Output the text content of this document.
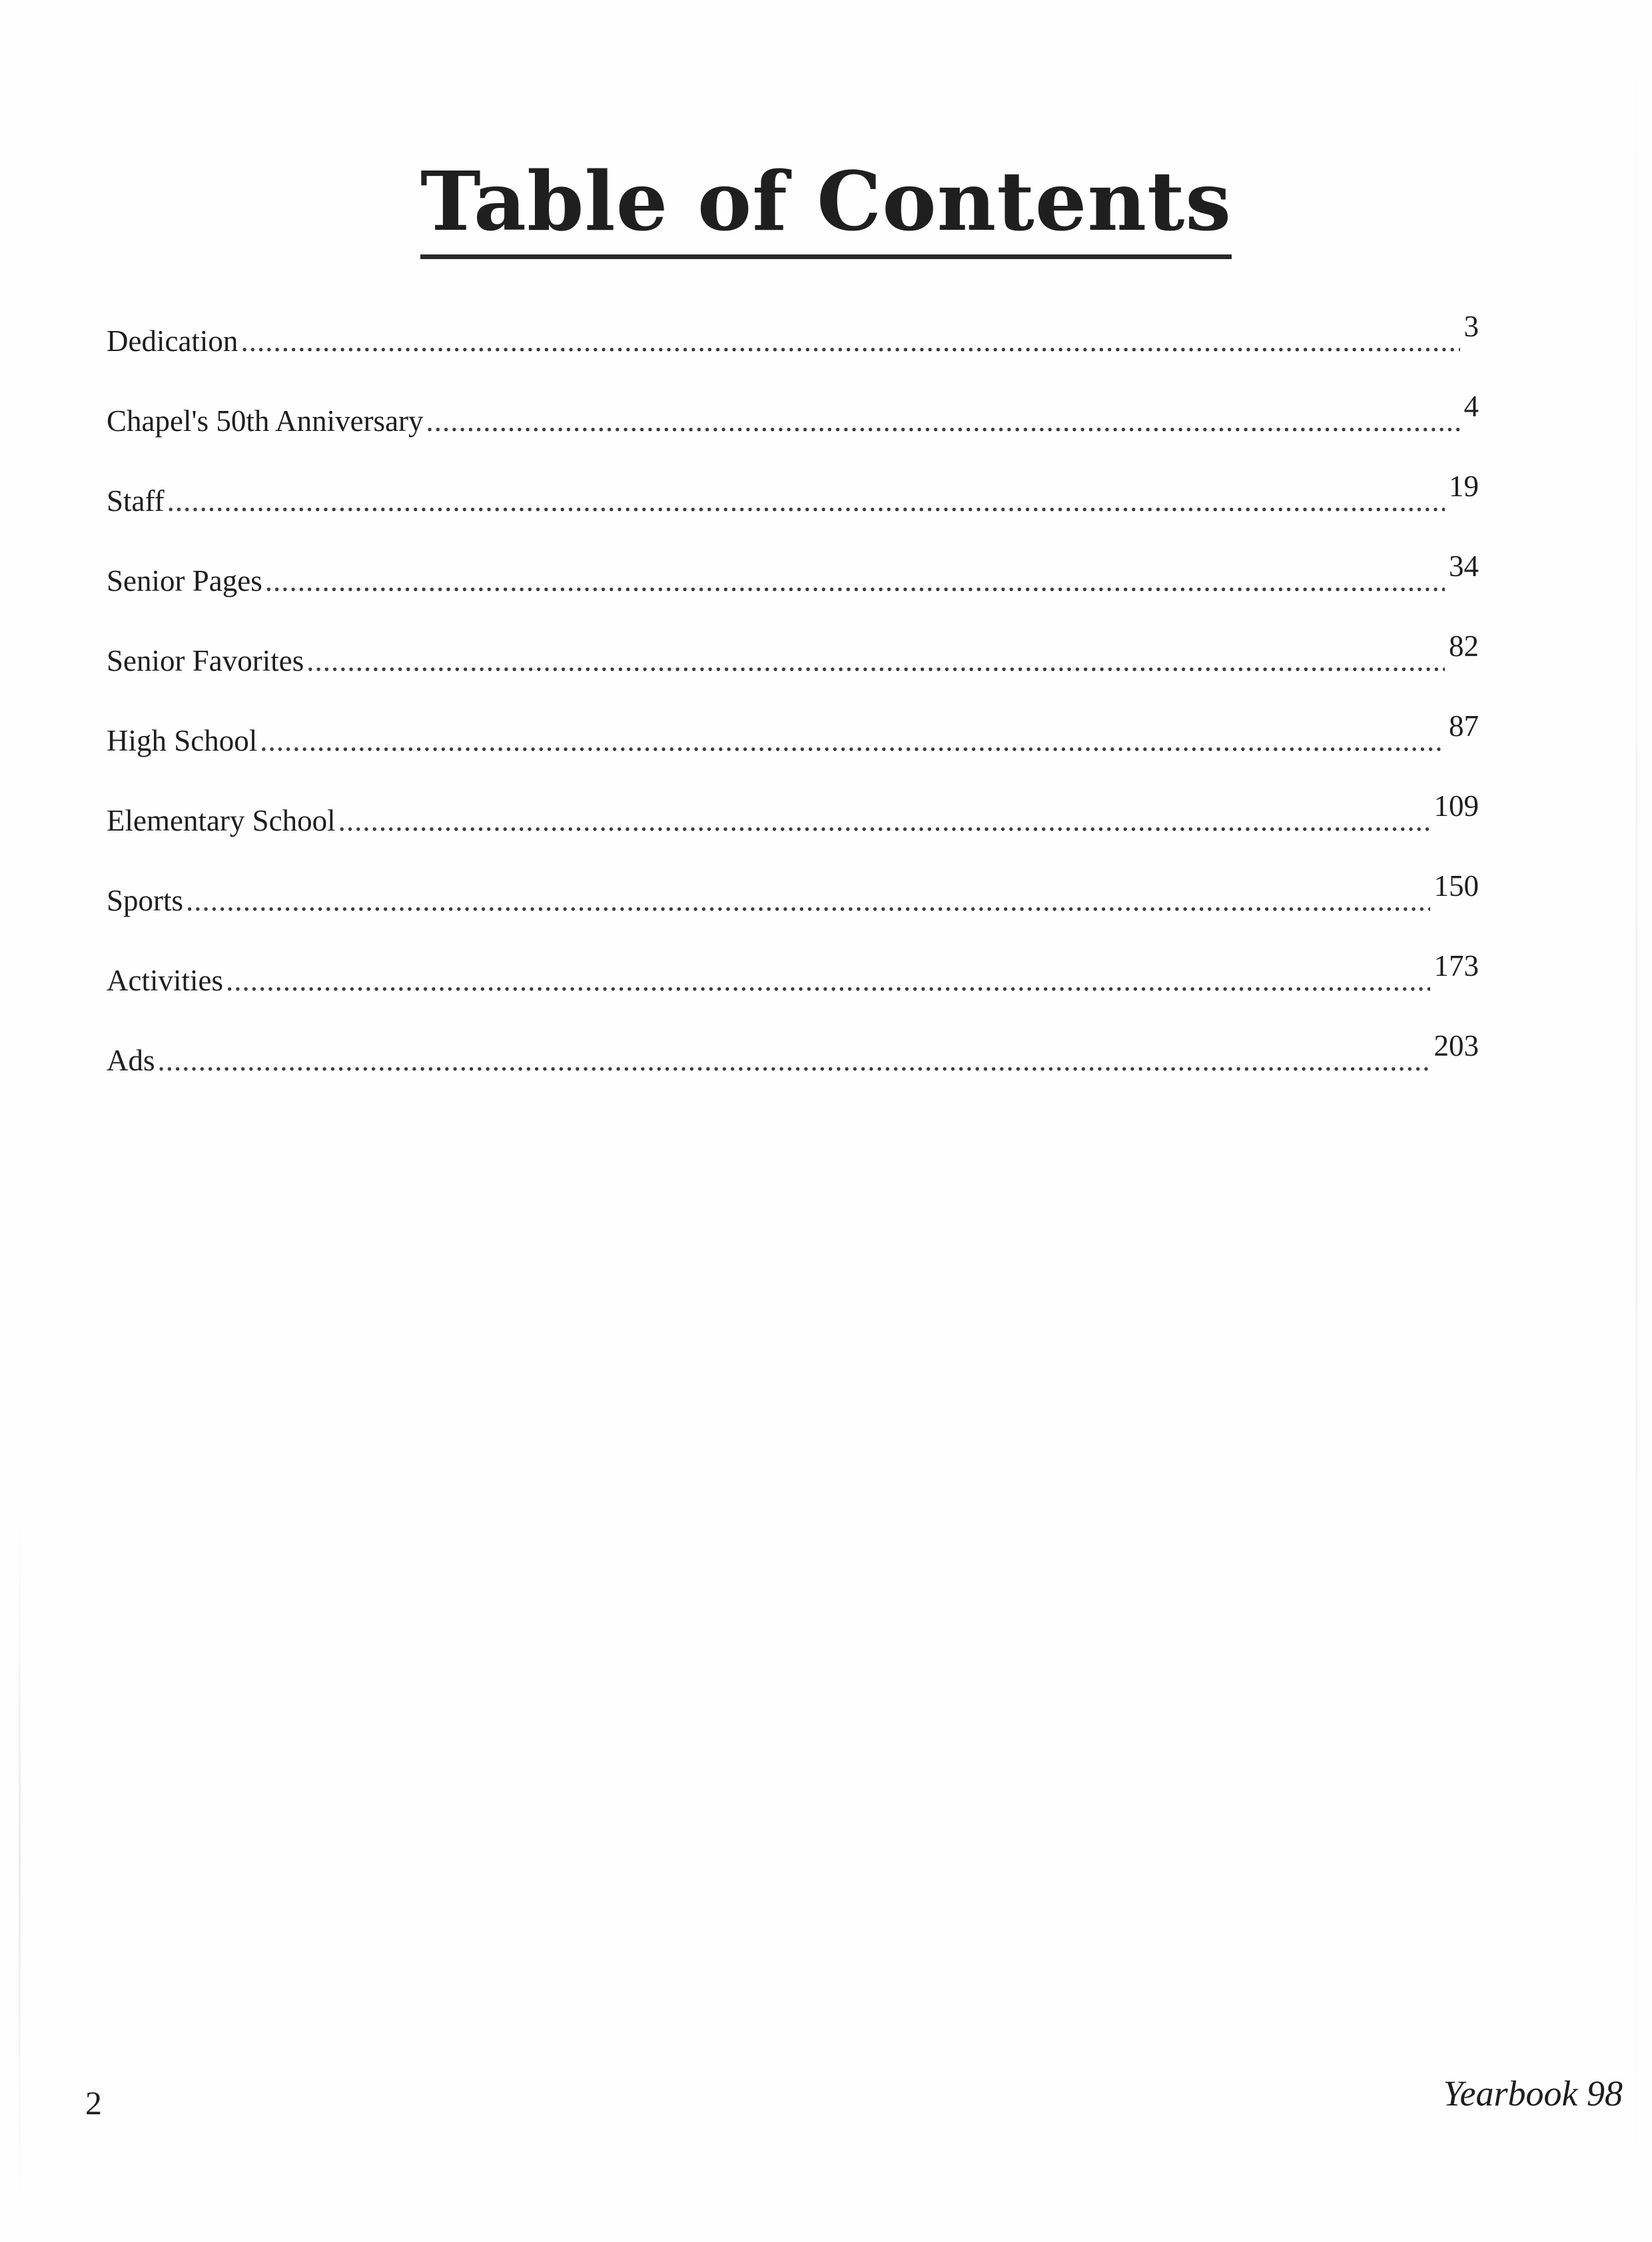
Table of Contents
Dedication .....	3
Chapel's 50th Anniversary .....	4
Staff .....	19
Senior Pages .....	34
Senior Favorites .....	82
High School .....	87
Elementary School .....	109
Sports .....	150
Activities .....	173
Ads .....	203
2	Yearbook 98
